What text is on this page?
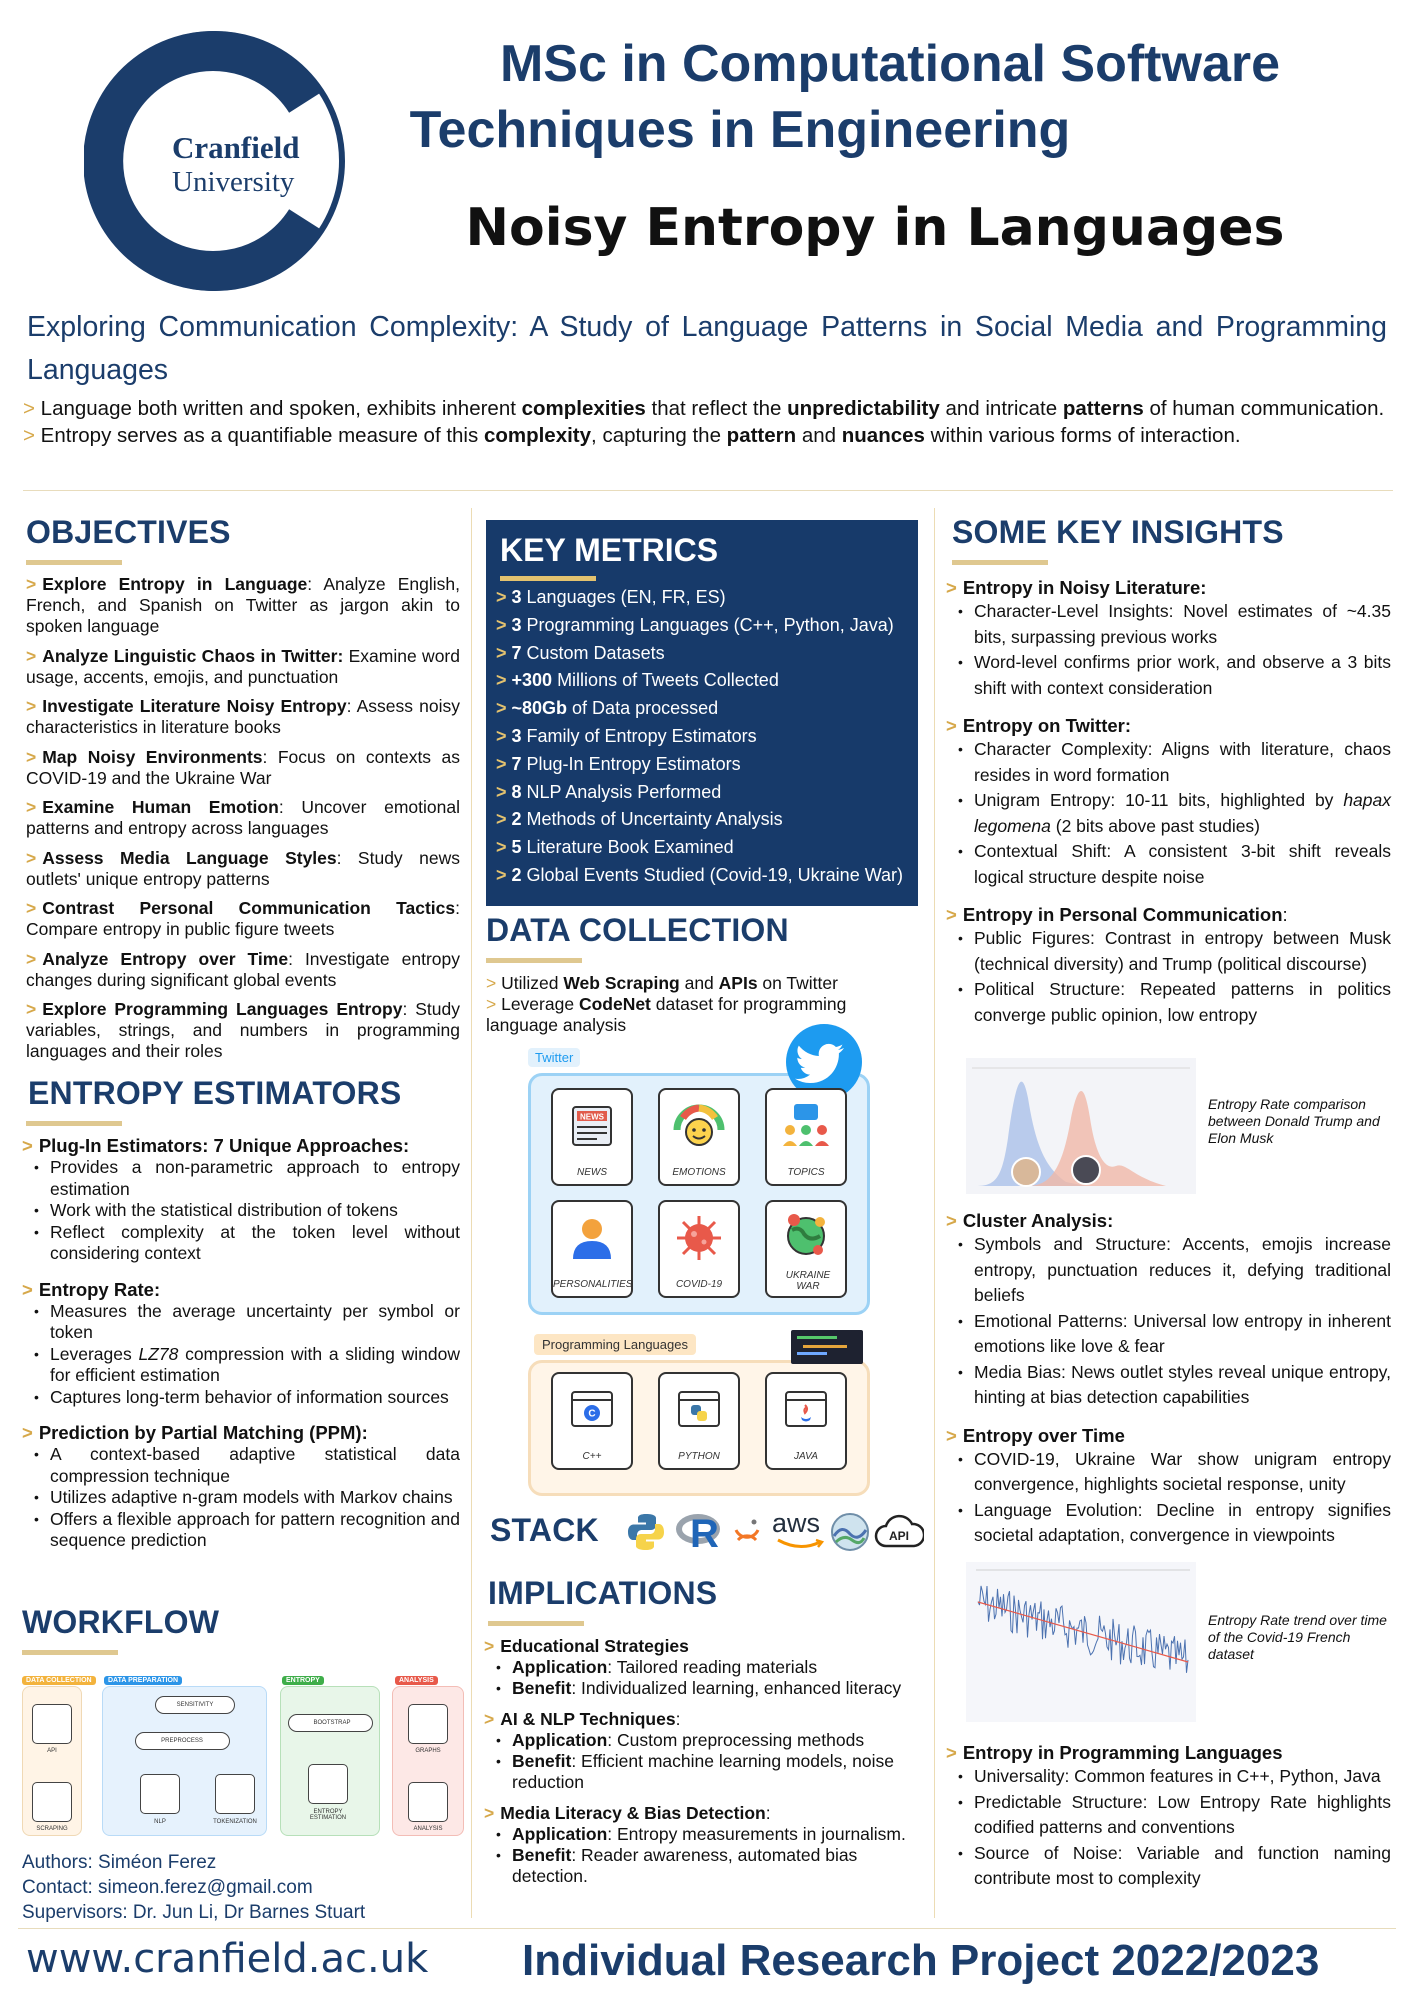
Cranfield
University
MSc in Computational Software
Techniques in Engineering
Noisy Entropy in Languages
Exploring Communication Complexity: A Study of Language Patterns in Social Media and Programming Languages
> Language both written and spoken, exhibits inherent complexities that reflect the unpredictability and intricate patterns of human communication.
> Entropy serves as a quantifiable measure of this complexity, capturing the pattern and nuances within various forms of interaction.
OBJECTIVES

> Explore Entropy in Language: Analyze English, French, and Spanish on Twitter as jargon akin to spoken language

> Analyze Linguistic Chaos in Twitter: Examine word usage, accents, emojis, and punctuation

> Investigate Literature Noisy Entropy: Assess noisy characteristics in literature books

> Map Noisy Environments: Focus on contexts as COVID-19 and the Ukraine War

> Examine Human Emotion: Uncover emotional patterns and entropy across languages

> Assess Media Language Styles: Study news outlets' unique entropy patterns

> Contrast Personal Communication Tactics: Compare entropy in public figure tweets

> Analyze Entropy over Time: Investigate entropy changes during significant global events

> Explore Programming Languages Entropy: Study variables, strings, and numbers in programming languages and their roles

ENTROPY ESTIMATORS
> Plug-In Estimators: 7 Unique Approaches:
• Provides a non-parametric approach to entropy estimation
• Work with the statistical distribution of tokens
• Reflect complexity at the token level without considering context
> Entropy Rate:
• Measures the average uncertainty per symbol or token
• Leverages LZ78 compression with a sliding window for efficient estimation
• Captures long-term behavior of information sources
> Prediction by Partial Matching (PPM):
• A context-based adaptive statistical data compression technique
• Utilizes adaptive n-gram models with Markov chains
• Offers a flexible approach for pattern recognition and sequence prediction
WORKFLOW
DATA COLLECTION	DATA PREPARATION	ENTROPY	ANALYSIS
API
SCRAPING
SENSITIVITY
PREPROCESS
NLP	TOKENIZATION
BOOTSTRAP
ENTROPY ESTIMATION
GRAPHS
ANALYSIS
Authors: Siméon Ferez
Contact: simeon.ferez@gmail.com
Supervisors: Dr. Jun Li, Dr Barnes Stuart
KEY METRICS
> 3 Languages (EN, FR, ES)
> 3 Programming Languages (C++, Python, Java)
> 7 Custom Datasets
> +300 Millions of Tweets Collected
> ~80Gb of Data processed
> 3 Family of Entropy Estimators
> 7 Plug-In Entropy Estimators
> 8 NLP Analysis Performed
> 2 Methods of Uncertainty Analysis
> 5 Literature Book Examined
> 2 Global Events Studied (Covid-19, Ukraine War)
DATA COLLECTION
> Utilized Web Scraping and APIs on Twitter
> Leverage CodeNet dataset for programming language analysis
Twitter
NEWS
NEWS	EMOTIONS	TOPICS
PERSONALITIES	COVID-19
UKRAINE WAR
Programming Languages
C
C++	PYTHON	JAVA
STACK R aws	API
IMPLICATIONS
> Educational Strategies
• Application: Tailored reading materials
• Benefit: Individualized learning, enhanced literacy
> AI & NLP Techniques:
• Application: Custom preprocessing methods
• Benefit: Efficient machine learning models, noise reduction
> Media Literacy & Bias Detection:
• Application: Entropy measurements in journalism.
• Benefit: Reader awareness, automated bias detection.
SOME KEY INSIGHTS
> Entropy in Noisy Literature:
• Character-Level Insights: Novel estimates of ~4.35 bits, surpassing previous works
• Word-level confirms prior work, and observe a 3 bits shift with context consideration
> Entropy on Twitter:
• Character Complexity: Aligns with literature, chaos resides in word formation
• Unigram Entropy: 10-11 bits, highlighted by hapax legomena (2 bits above past studies)
• Contextual Shift: A consistent 3-bit shift reveals logical structure despite noise
> Entropy in Personal Communication:
• Public Figures: Contrast in entropy between Musk (technical diversity) and Trump (political discourse)
• Political Structure: Repeated patterns in politics converge public opinion, low entropy
Entropy Rate comparison between Donald Trump and Elon Musk
> Cluster Analysis:
• Symbols and Structure: Accents, emojis increase entropy, punctuation reduces it, defying traditional beliefs
• Emotional Patterns: Universal low entropy in inherent emotions like love & fear
• Media Bias: News outlet styles reveal unique entropy, hinting at bias detection capabilities
> Entropy over Time
• COVID-19, Ukraine War show unigram entropy convergence, highlights societal response, unity
• Language Evolution: Decline in entropy signifies societal adaptation, convergence in viewpoints
Entropy Rate trend over time of the Covid-19 French dataset
> Entropy in Programming Languages
• Universality: Common features in C++, Python, Java
• Predictable Structure: Low Entropy Rate highlights codified patterns and conventions
• Source of Noise: Variable and function naming contribute most to complexity
www.cranfield.ac.uk Individual Research Project 2022/2023
